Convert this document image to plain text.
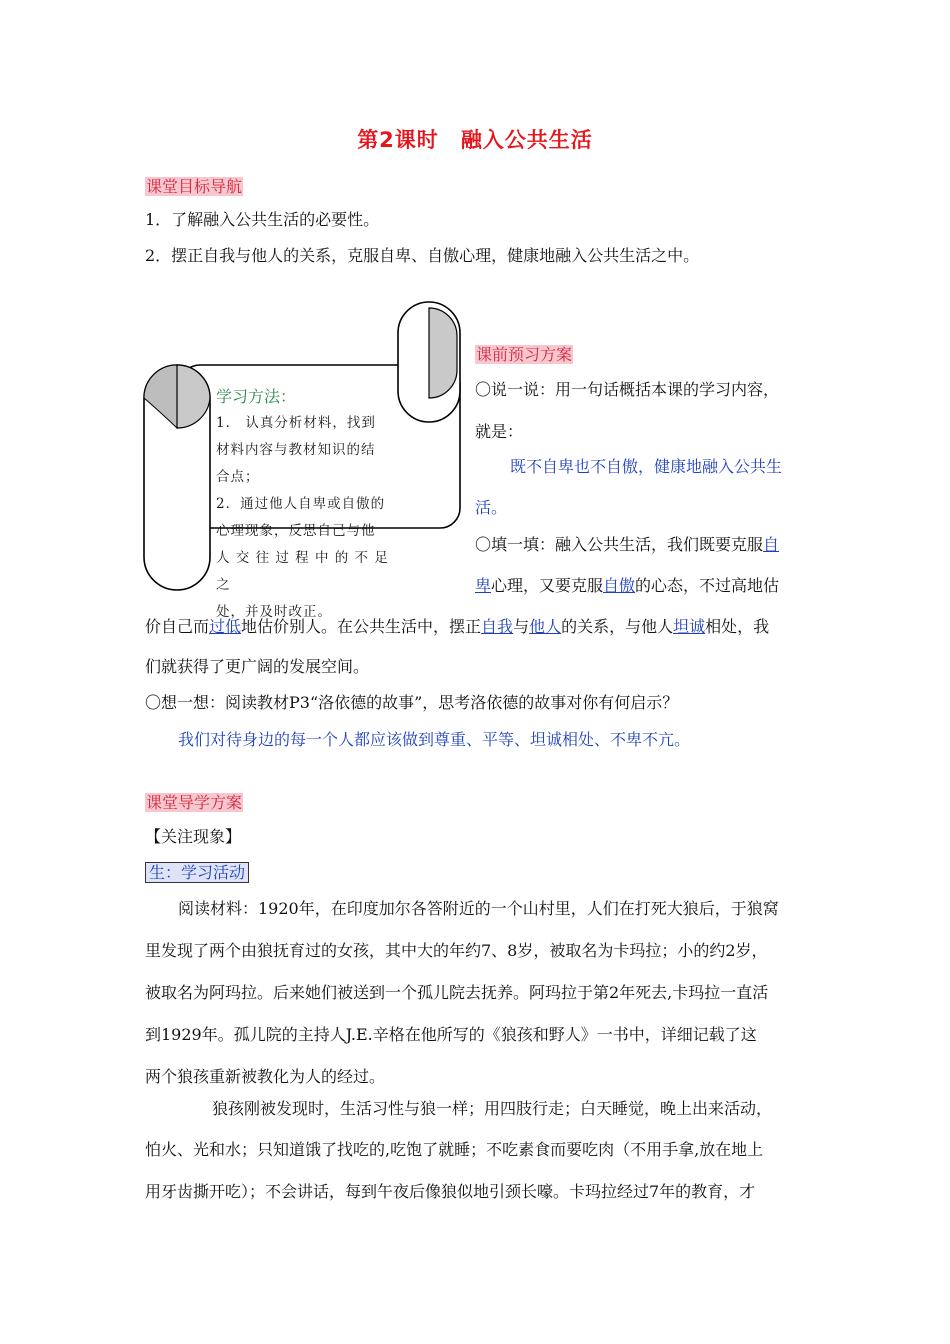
第2课时 融入公共生活
课堂目标导航
1．了解融入公共生活的必要性。
2．摆正自我与他人的关系，克服自卑、自傲心理，健康地融入公共生活之中。
学习方法：
1． 认真分析材料，找到
材料内容与教材知识的结
合点；
2．通过他人自卑或自傲的
心理现象，反思自己与他
人 交 往 过 程 中 的 不 足 之
处，并及时改正。
课前预习方案
〇说一说：用一句话概括本课的学习内容，
就是：
既不自卑也不自傲，健康地融入公共生
活。
〇填一填：融入公共生活，我们既要克服自
卑心理，又要克服自傲的心态，不过高地估
价自己而过低地估价别人。在公共生活中，摆正自我与他人的关系，与他人坦诚相处，我
们就获得了更广阔的发展空间。
〇想一想：阅读教材P3“洛依德的故事”，思考洛依德的故事对你有何启示？
我们对待身边的每一个人都应该做到尊重、平等、坦诚相处、不卑不亢。
课堂导学方案
【关注现象】
生：学习活动
阅读材料：1920年，在印度加尔各答附近的一个山村里，人们在打死大狼后，于狼窝
里发现了两个由狼抚育过的女孩，其中大的年约7、8岁，被取名为卡玛拉；小的约2岁，
被取名为阿玛拉。后来她们被送到一个孤儿院去抚养。阿玛拉于第2年死去,卡玛拉一直活
到1929年。孤儿院的主持人J.E.辛格在他所写的《狼孩和野人》一书中，详细记载了这
两个狼孩重新被教化为人的经过。
狼孩刚被发现时，生活习性与狼一样；用四肢行走；白天睡觉，晚上出来活动，
怕火、光和水；只知道饿了找吃的,吃饱了就睡；不吃素食而要吃肉（不用手拿,放在地上
用牙齿撕开吃）；不会讲话，每到午夜后像狼似地引颈长嚎。卡玛拉经过7年的教育，才
